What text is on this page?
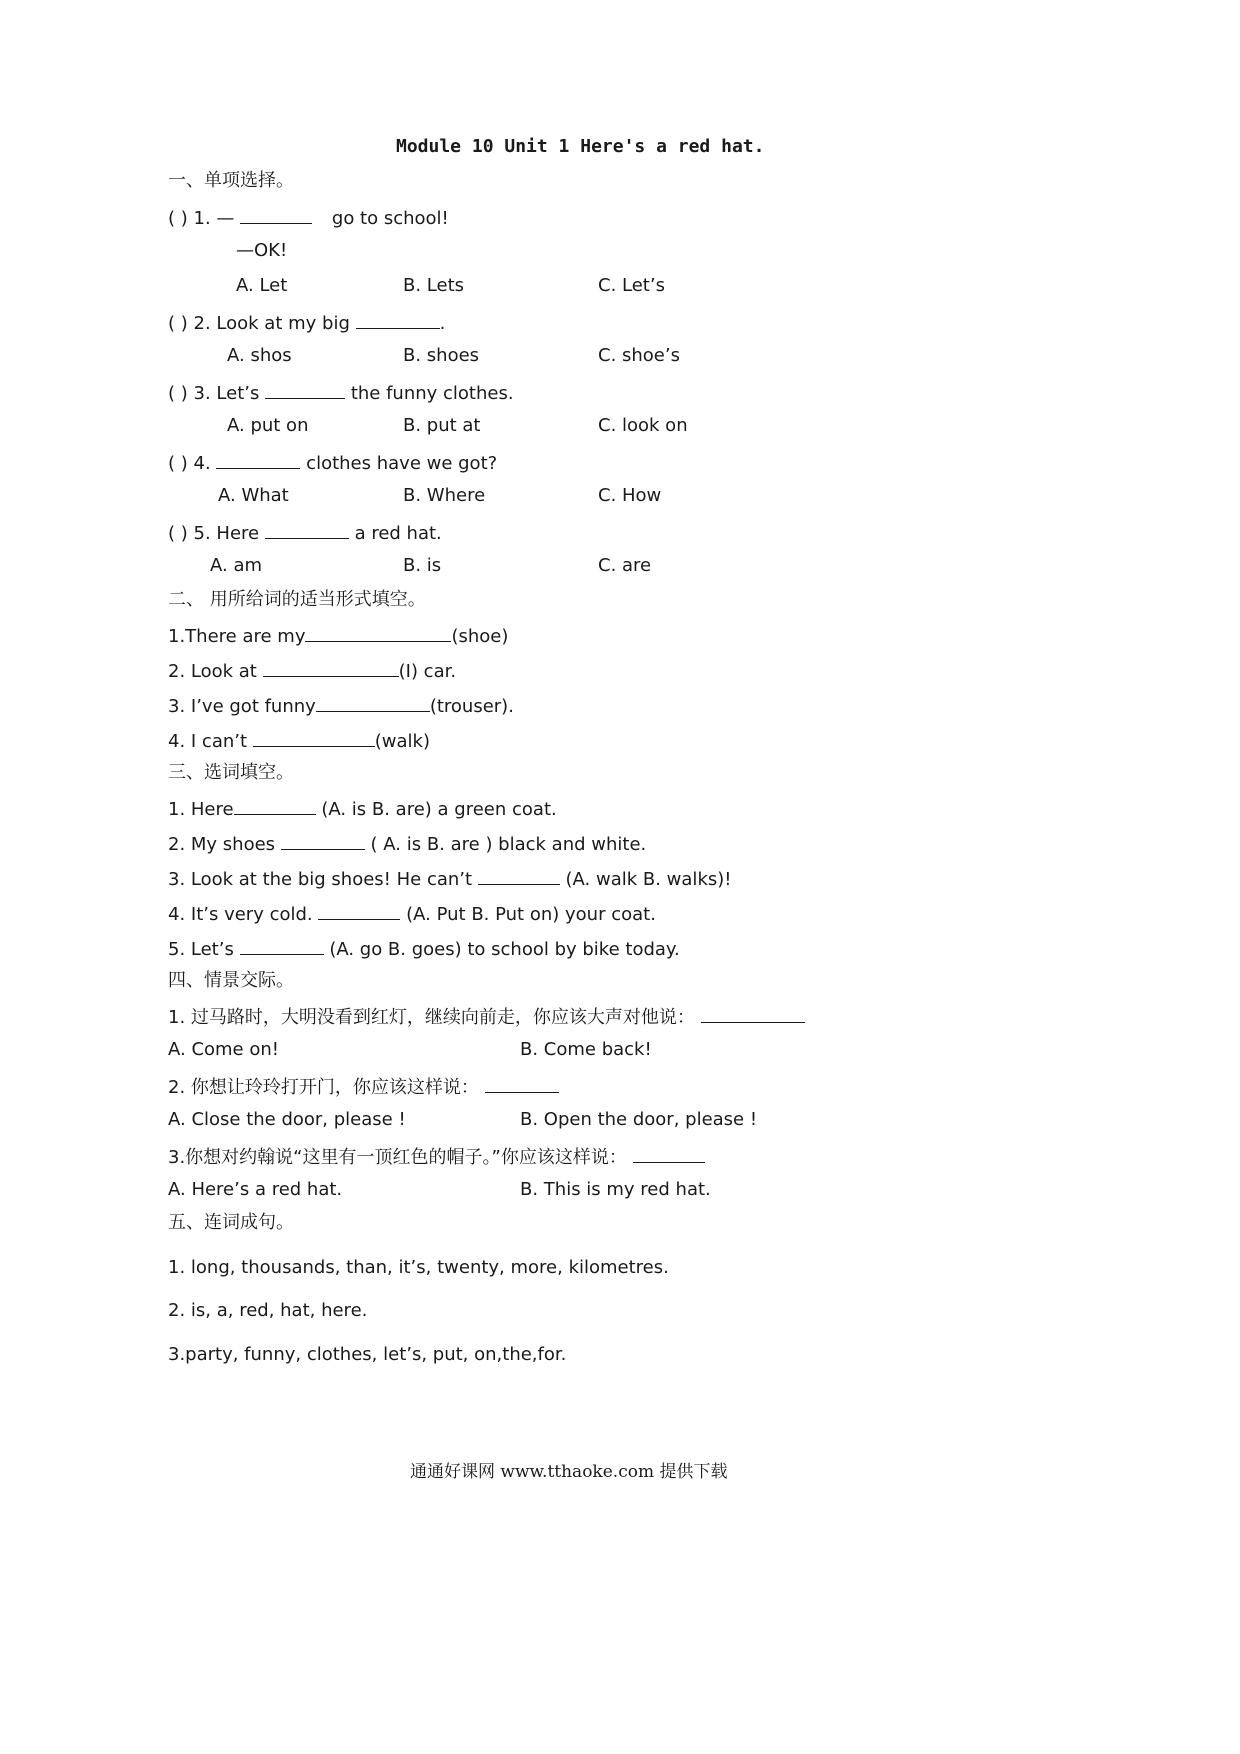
Module 10 Unit 1 Here's a red hat.
一、单项选择。
( ) 1. —	go to school!
—OK!
A. Let	B. Lets	C. Let’s
( ) 2. Look at my big	.
A. shos	B. shoes	C. shoe’s
( ) 3. Let’s	the funny clothes.
A. put on	B. put at	C. look on
( ) 4.	clothes have we got?
A. What	B. Where	C. How
( ) 5. Here	a red hat.
A. am	B. is	C. are
二、 用所给词的适当形式填空。
1.There are my	(shoe)
2. Look at	(I) car.
3. I’ve got funny	(trouser).
4. I can’t	(walk)
三、选词填空。
1. Here	(A. is B. are) a green coat.
2. My shoes	( A. is B. are ) black and white.
3. Look at the big shoes! He can’t	(A. walk B. walks)!
4. It’s very cold.	(A. Put B. Put on) your coat.
5. Let’s	(A. go B. goes) to school by bike today.
四、情景交际。
1. 过马路时，大明没看到红灯，继续向前走，你应该大声对他说：
A. Come on!	B. Come back!
2. 你想让玲玲打开门，你应该这样说：
A. Close the door, please !	B. Open the door, please !
3.你想对约翰说“这里有一顶红色的帽子。”你应该这样说：
A. Here’s a red hat.	B. This is my red hat.
五、连词成句。
1. long, thousands, than, it’s, twenty, more, kilometres.
2. is, a, red, hat, here.
3.party, funny, clothes, let’s, put, on,the,for.
通通好课网 www.tthaoke.com 提供下载
